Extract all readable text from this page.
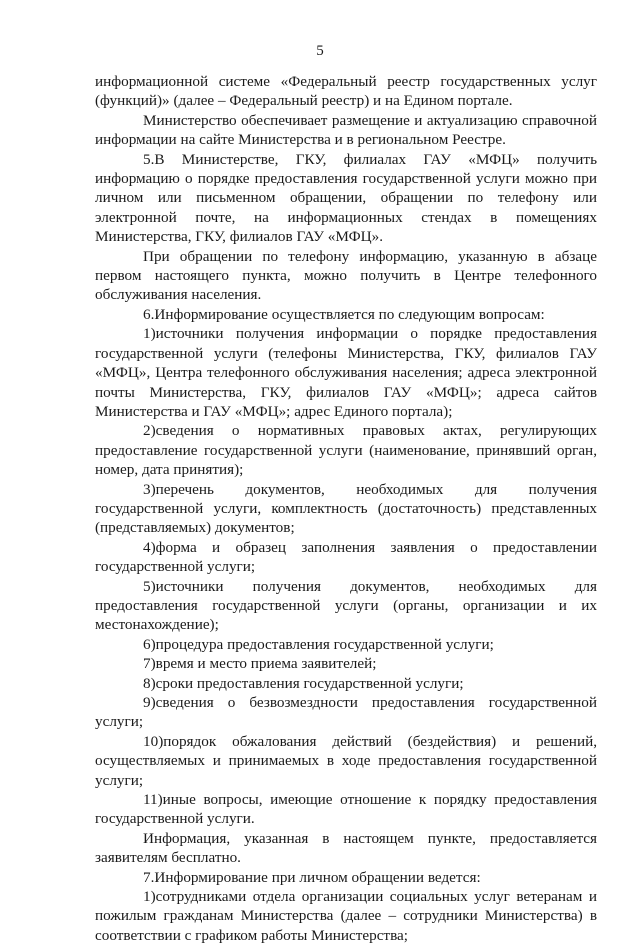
5

информационной системе «Федеральный реестр государственных услуг (функций)» (далее – Федеральный реестр) и на Едином портале.

Министерство обеспечивает размещение и актуализацию справочной информации на сайте Министерства и в региональном Реестре.

5.В Министерстве, ГКУ, филиалах ГАУ «МФЦ» получить информацию о порядке предоставления государственной услуги можно при личном или письменном обращении, обращении по телефону или электронной почте, на информационных стендах в помещениях Министерства, ГКУ, филиалов ГАУ «МФЦ».

При обращении по телефону информацию, указанную в абзаце первом настоящего пункта, можно получить в Центре телефонного обслуживания населения.

6.Информирование осуществляется по следующим вопросам:

1)источники получения информации о порядке предоставления государственной услуги (телефоны Министерства, ГКУ, филиалов ГАУ «МФЦ», Центра телефонного обслуживания населения; адреса электронной почты Министерства, ГКУ, филиалов ГАУ «МФЦ»; адреса сайтов Министерства и ГАУ «МФЦ»; адрес Единого портала);

2)сведения о нормативных правовых актах, регулирующих предоставление государственной услуги (наименование, принявший орган, номер, дата принятия);

3)перечень документов, необходимых для получения государственной услуги, комплектность (достаточность) представленных (представляемых) документов;

4)форма и образец заполнения заявления о предоставлении государственной услуги;

5)источники получения документов, необходимых для предоставления государственной услуги (органы, организации и их местонахождение);

6)процедура предоставления государственной услуги;

7)время и место приема заявителей;

8)сроки предоставления государственной услуги;

9)сведения о безвозмездности предоставления государственной услуги;

10)порядок обжалования действий (бездействия) и решений, осуществляемых и принимаемых в ходе предоставления государственной услуги;

11)иные вопросы, имеющие отношение к порядку предоставления государственной услуги.

Информация, указанная в настоящем пункте, предоставляется заявителям бесплатно.

7.Информирование при личном обращении ведется:

1)сотрудниками отдела организации социальных услуг ветеранам и пожилым гражданам Министерства (далее – сотрудники Министерства) в соответствии с графиком работы Министерства;
